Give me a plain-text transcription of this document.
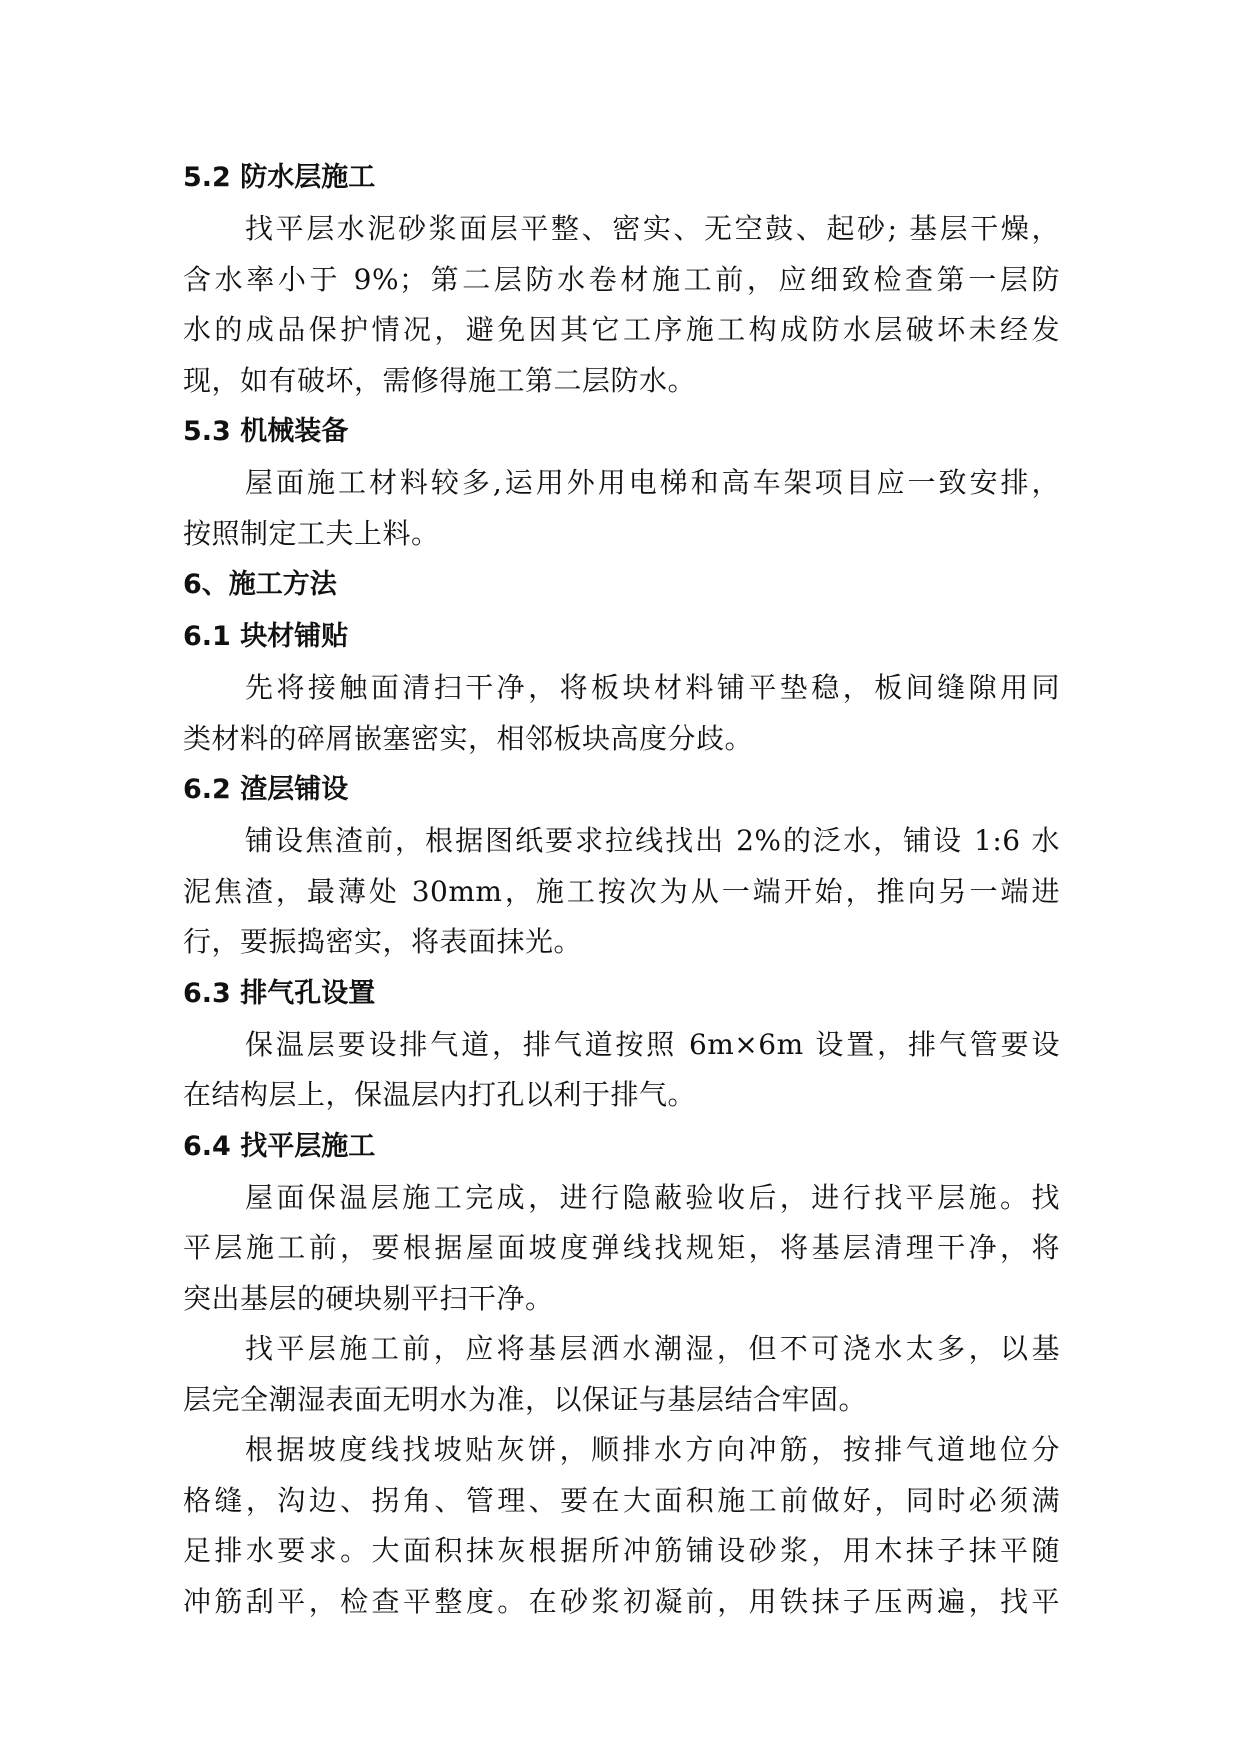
5.2 防水层施工
找平层水泥砂浆面层平整、密实、无空鼓、起砂; 基层干燥，
含水率小于 9%；第二层防水卷材施工前，应细致检查第一层防
水的成品保护情况，避免因其它工序施工构成防水层破坏未经发
现，如有破坏，需修得施工第二层防水。
5.3 机械装备
屋面施工材料较多,运用外用电梯和高车架项目应一致安排，
按照制定工夫上料。
6、施工方法
6.1 块材铺贴
先将接触面清扫干净，将板块材料铺平垫稳，板间缝隙用同
类材料的碎屑嵌塞密实，相邻板块高度分歧。
6.2 渣层铺设
铺设焦渣前，根据图纸要求拉线找出 2%的泛水，铺设 1:6 水
泥焦渣，最薄处 30mm，施工按次为从一端开始，推向另一端进
行，要振捣密实，将表面抹光。
6.3 排气孔设置
保温层要设排气道，排气道按照 6m×6m 设置，排气管要设
在结构层上，保温层内打孔以利于排气。
6.4 找平层施工
屋面保温层施工完成，进行隐蔽验收后，进行找平层施。找
平层施工前，要根据屋面坡度弹线找规矩，将基层清理干净，将
突出基层的硬块剔平扫干净。
找平层施工前，应将基层洒水潮湿，但不可浇水太多，以基
层完全潮湿表面无明水为准，以保证与基层结合牢固。
根据坡度线找坡贴灰饼，顺排水方向冲筋，按排气道地位分
格缝，沟边、拐角、管理、要在大面积施工前做好，同时必须满
足排水要求。大面积抹灰根据所冲筋铺设砂浆，用木抹子抹平随
冲筋刮平，检查平整度。在砂浆初凝前，用铁抹子压两遍，找平
